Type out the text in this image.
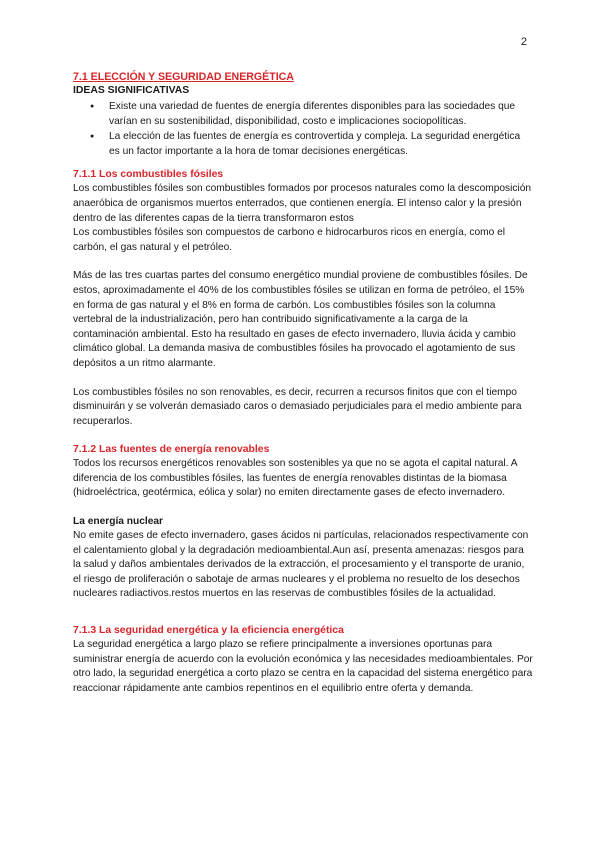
2
7.1 ELECCIÓN Y SEGURIDAD ENERGÉTICA
IDEAS SIGNIFICATIVAS
● Existe una variedad de fuentes de energía diferentes disponibles para las sociedades que varían en su sostenibilidad, disponibilidad, costo e implicaciones sociopolíticas.
● La elección de las fuentes de energía es controvertida y compleja. La seguridad energética es un factor importante a la hora de tomar decisiones energéticas.
7.1.1 Los combustibles fósiles

Los combustibles fósiles son combustibles formados por procesos naturales como la descomposición anaeróbica de organismos muertos enterrados, que contienen energía. El intenso calor y la presión dentro de las diferentes capas de la tierra transformaron estos

Los combustibles fósiles son compuestos de carbono e hidrocarburos ricos en energía, como el carbón, el gas natural y el petróleo.

Más de las tres cuartas partes del consumo energético mundial proviene de combustibles fósiles. De estos, aproximadamente el 40% de los combustibles fósiles se utilizan en forma de petróleo, el 15% en forma de gas natural y el 8% en forma de carbón. Los combustibles fósiles son la columna vertebral de la industrialización, pero han contribuido significativamente a la carga de la contaminación ambiental. Esto ha resultado en gases de efecto invernadero, lluvia ácida y cambio climático global. La demanda masiva de combustibles fósiles ha provocado el agotamiento de sus depósitos a un ritmo alarmante.

Los combustibles fósiles no son renovables, es decir, recurren a recursos finitos que con el tiempo disminuirán y se volverán demasiado caros o demasiado perjudiciales para el medio ambiente para recuperarlos.

7.1.2 Las fuentes de energía renovables

Todos los recursos energéticos renovables son sostenibles ya que no se agota el capital natural. A diferencia de los combustibles fósiles, las fuentes de energía renovables distintas de la biomasa (hidroeléctrica, geotérmica, eólica y solar) no emiten directamente gases de efecto invernadero.

La energía nuclear

No emite gases de efecto invernadero, gases ácidos ni partículas, relacionados respectivamente con el calentamiento global y la degradación medioambiental.Aun así, presenta amenazas: riesgos para la salud y daños ambientales derivados de la extracción, el procesamiento y el transporte de uranio, el riesgo de proliferación o sabotaje de armas nucleares y el problema no resuelto de los desechos nucleares radiactivos.restos muertos en las reservas de combustibles fósiles de la actualidad.

7.1.3 La seguridad energética y la eficiencia energética

La seguridad energética a largo plazo se refiere principalmente a inversiones oportunas para suministrar energía de acuerdo con la evolución económica y las necesidades medioambientales. Por otro lado, la seguridad energética a corto plazo se centra en la capacidad del sistema energético para reaccionar rápidamente ante cambios repentinos en el equilibrio entre oferta y demanda.
